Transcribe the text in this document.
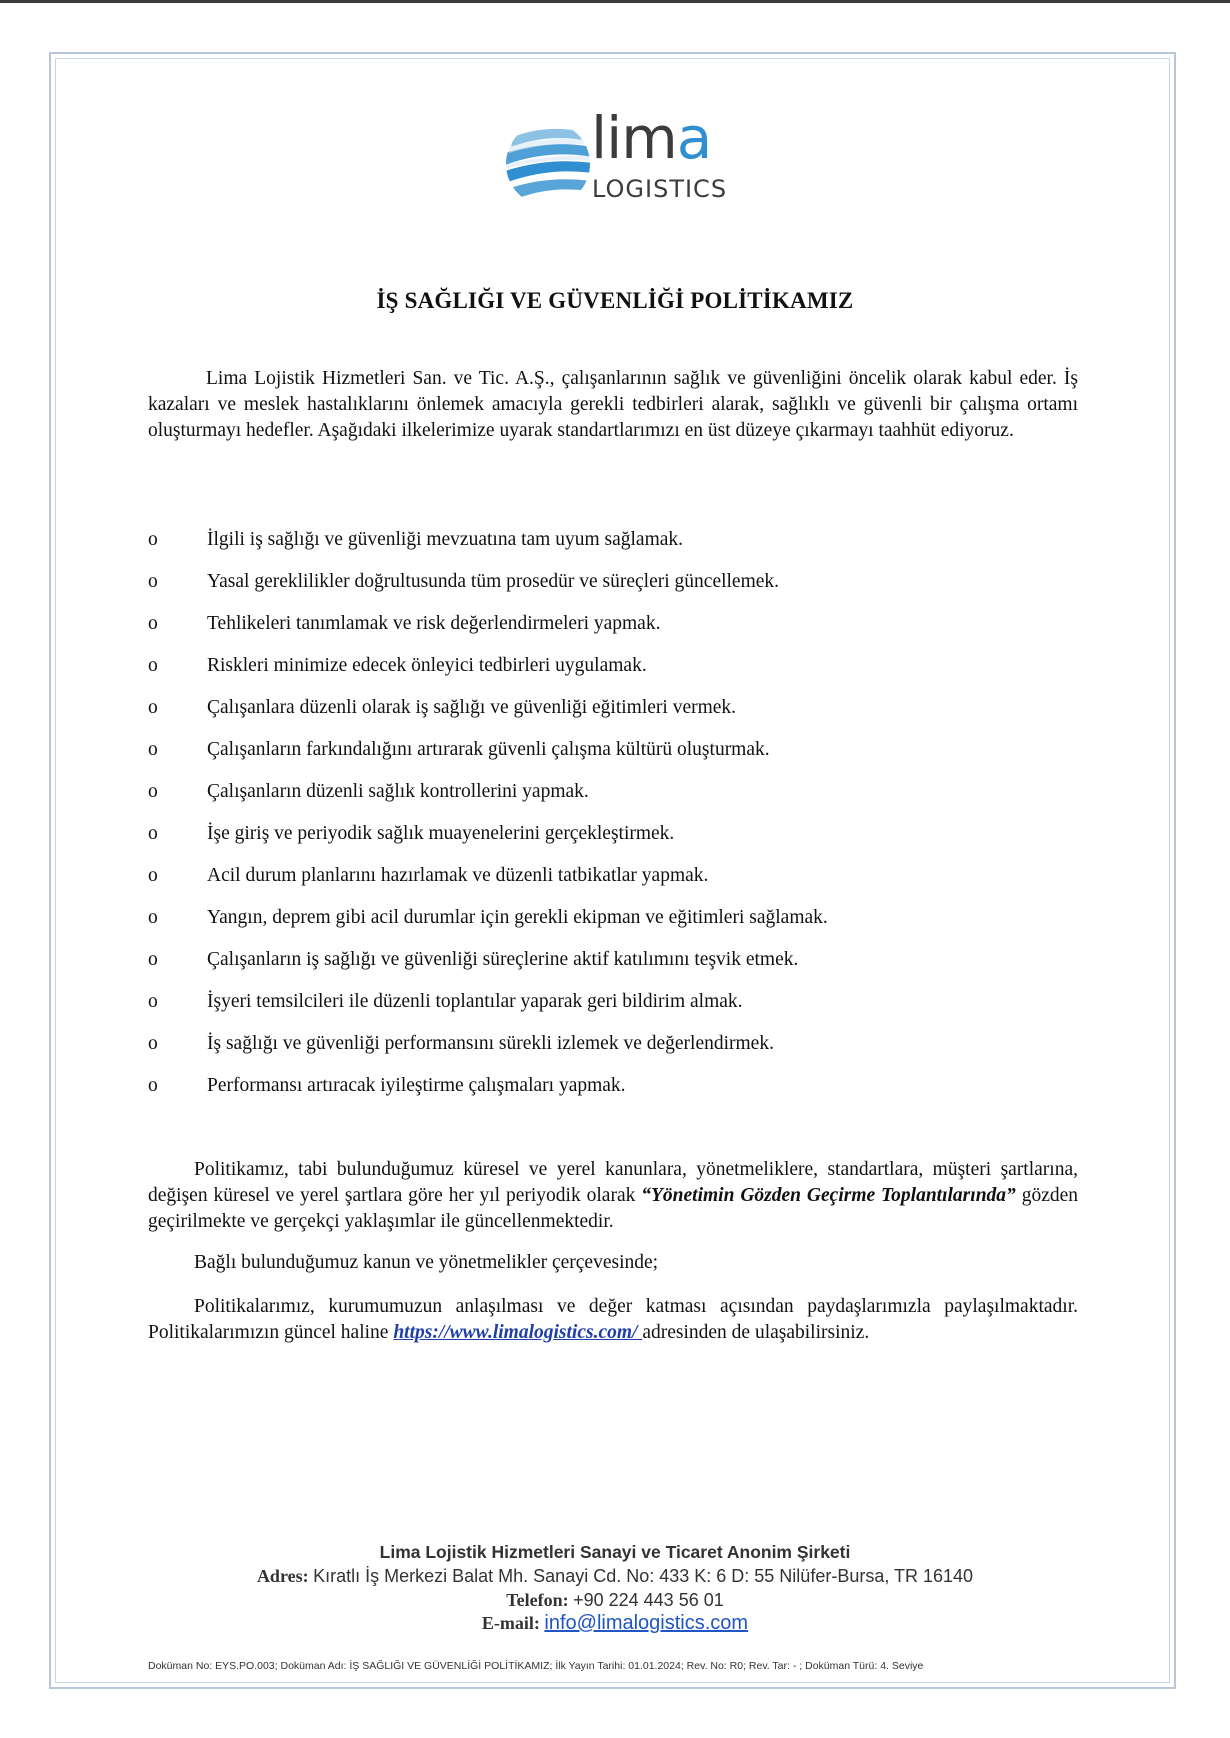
lima
LOGISTICS
İŞ SAĞLIĞI VE GÜVENLİĞİ POLİTİKAMIZ

Lima Lojistik Hizmetleri San. ve Tic. A.Ş., çalışanlarının sağlık ve güvenliğini öncelik olarak kabul eder. İş kazaları ve meslek hastalıklarını önlemek amacıyla gerekli tedbirleri alarak, sağlıklı ve güvenli bir çalışma ortamı oluşturmayı hedefler. Aşağıdaki ilkelerimize uyarak standartlarımızı en üst düzeye çıkarmayı taahhüt ediyoruz.

o	İlgili iş sağlığı ve güvenliği mevzuatına tam uyum sağlamak.
o	Yasal gereklilikler doğrultusunda tüm prosedür ve süreçleri güncellemek.
o	Tehlikeleri tanımlamak ve risk değerlendirmeleri yapmak.
o	Riskleri minimize edecek önleyici tedbirleri uygulamak.
o	Çalışanlara düzenli olarak iş sağlığı ve güvenliği eğitimleri vermek.
o	Çalışanların farkındalığını artırarak güvenli çalışma kültürü oluşturmak.
o	Çalışanların düzenli sağlık kontrollerini yapmak.
o	İşe giriş ve periyodik sağlık muayenelerini gerçekleştirmek.
o	Acil durum planlarını hazırlamak ve düzenli tatbikatlar yapmak.
o	Yangın, deprem gibi acil durumlar için gerekli ekipman ve eğitimleri sağlamak.
o	Çalışanların iş sağlığı ve güvenliği süreçlerine aktif katılımını teşvik etmek.
o	İşyeri temsilcileri ile düzenli toplantılar yaparak geri bildirim almak.
o	İş sağlığı ve güvenliği performansını sürekli izlemek ve değerlendirmek.
o	Performansı artıracak iyileştirme çalışmaları yapmak.

Politikamız, tabi bulunduğumuz küresel ve yerel kanunlara, yönetmeliklere, standartlara, müşteri şartlarına, değişen küresel ve yerel şartlara göre her yıl periyodik olarak “Yönetimin Gözden Geçirme Toplantılarında” gözden geçirilmekte ve gerçekçi yaklaşımlar ile güncellenmektedir.

Bağlı bulunduğumuz kanun ve yönetmelikler çerçevesinde;

Politikalarımız, kurumumuzun anlaşılması ve değer katması açısından paydaşlarımızla paylaşılmaktadır. Politikalarımızın güncel haline https://www.limalogistics.com/ adresinden de ulaşabilirsiniz.

Lima Lojistik Hizmetleri Sanayi ve Ticaret Anonim Şirketi
Adres: Kıratlı İş Merkezi Balat Mh. Sanayi Cd. No: 433 K: 6 D: 55 Nilüfer-Bursa, TR 16140
Telefon: +90 224 443 56 01
E-mail: info@limalogistics.com
Doküman No: EYS.PO.003; Doküman Adı: İŞ SAĞLIĞI VE GÜVENLİĞİ POLİTİKAMIZ; İlk Yayın Tarihi: 01.01.2024; Rev. No: R0; Rev. Tar: - ; Doküman Türü: 4. Seviye
